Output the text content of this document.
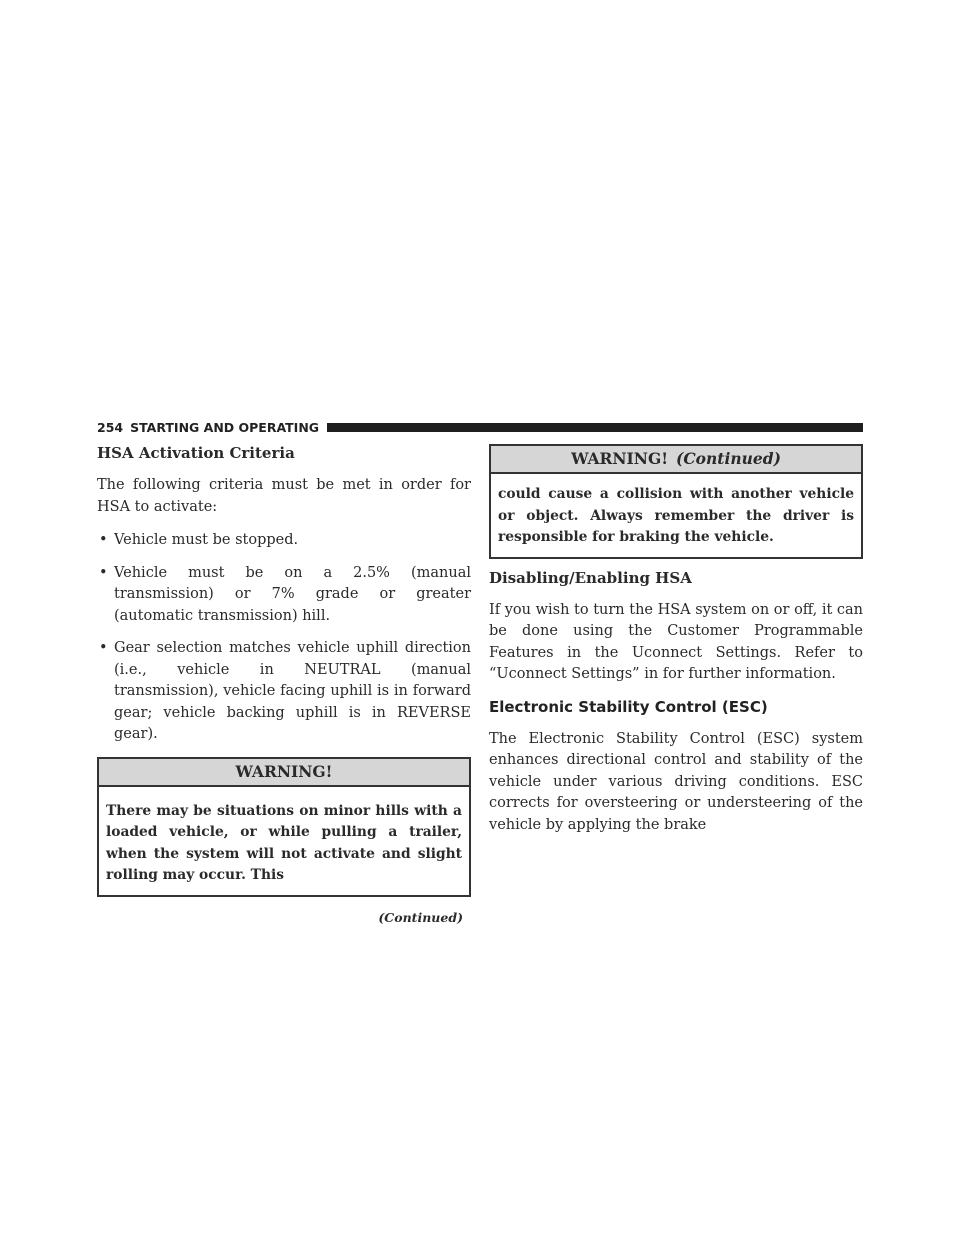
254 STARTING AND OPERATING
HSA Activation Criteria

The following criteria must be met in order for HSA to activate:

• Vehicle must be stopped.
• Vehicle must be on a 2.5% (manual transmission) or 7% grade or greater (automatic transmission) hill.
• Gear selection matches vehicle uphill direction (i.e., vehicle in NEUTRAL (manual transmission), vehicle facing uphill is in forward gear; vehicle backing uphill is in REVERSE gear).
WARNING!
There may be situations on minor hills with a loaded vehicle, or while pulling a trailer, when the system will not activate and slight rolling may occur. This
(Continued)
WARNING! (Continued)
could cause a collision with another vehicle or object. Always remember the driver is responsible for braking the vehicle.
Disabling/Enabling HSA

If you wish to turn the HSA system on or off, it can be done using the Customer Programmable Features in the Uconnect Settings. Refer to “Uconnect Settings” in for further information.

Electronic Stability Control (ESC)

The Electronic Stability Control (ESC) system enhances directional control and stability of the vehicle under various driving conditions. ESC corrects for oversteering or understeering of the vehicle by applying the brake
